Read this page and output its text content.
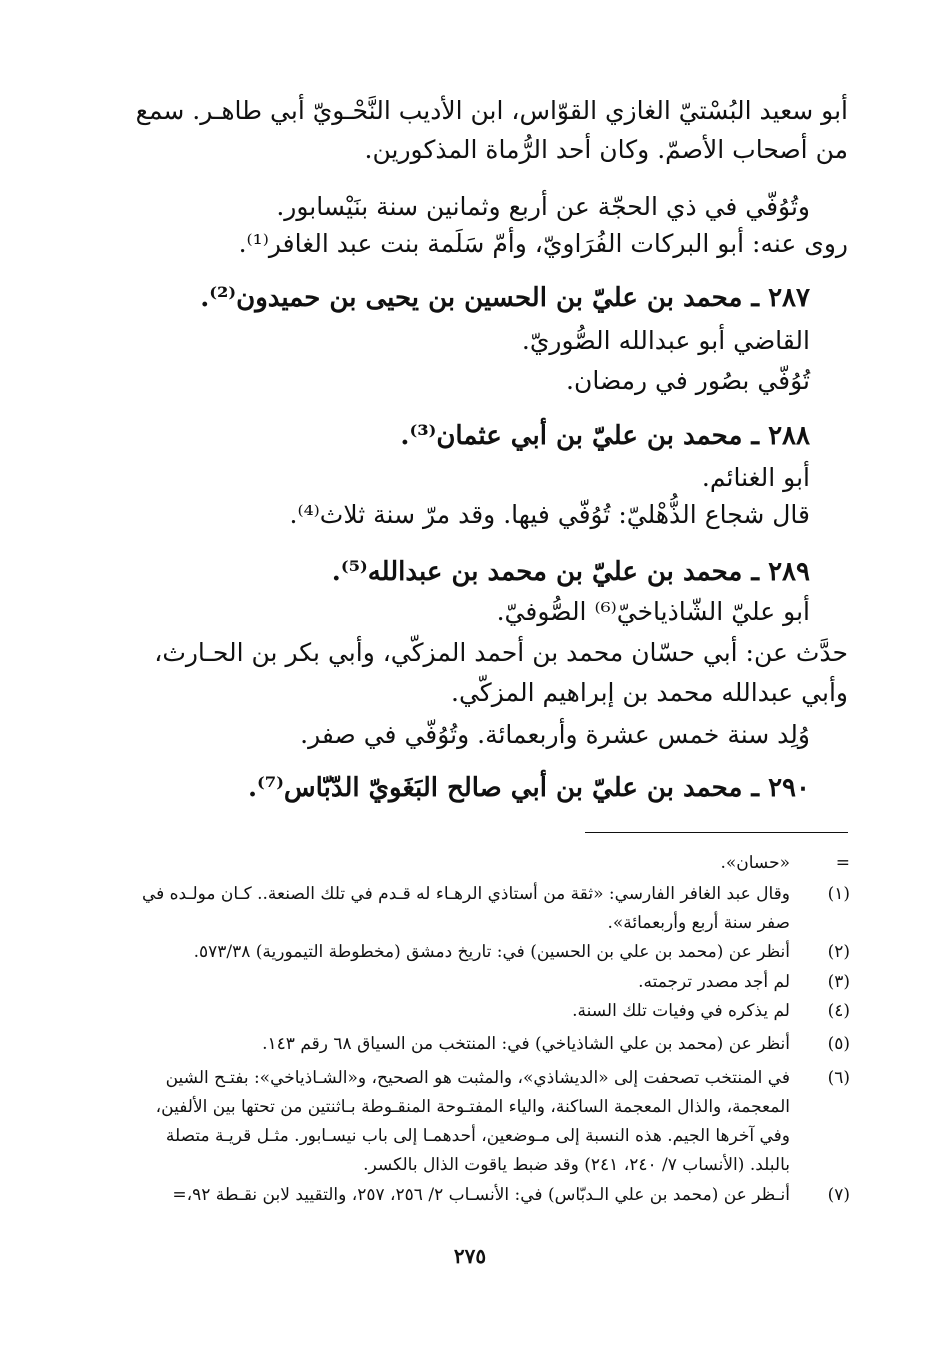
أبو سعيد البُسْتيّ الغازي القوّاس، ابن الأديب النَّحْـويّ أبي طاهـر. سمع
من أصحاب الأصمّ. وكان أحد الرُّماة المذكورين.
وتُوُفّي في ذي الحجّة عن أربع وثمانين سنة بنَيْسابور.
روى عنه: أبو البركات الفُرَاويّ، وأمّ سَلَمة بنت عبد الغافر⁽¹⁾.
٢٨٧ ـ محمد بن عليّ بن الحسين بن يحيى بن حميدون⁽²⁾.
القاضي أبو عبدالله الصُّوريّ.
تُوُفّي بصُور في رمضان.
٢٨٨ ـ محمد بن عليّ بن أبي عثمان⁽³⁾.
أبو الغنائم.
قال شجاع الذُّهْليّ: تُوُفّي فيها. وقد مرّ سنة ثلاث⁽⁴⁾.
٢٨٩ ـ محمد بن عليّ بن محمد بن عبدالله⁽⁵⁾.
أبو عليّ الشّاذياخيّ⁽⁶⁾ الصُّوفيّ.
حدَّث عن: أبي حسّان محمد بن أحمد المزكّي، وأبي بكر بن الحـارث،
وأبي عبدالله محمد بن إبراهيم المزكّي.
وُلِد سنة خمس عشرة وأربعمائة. وتُوُفّي في صفر.
٢٩٠ ـ محمد بن عليّ بن أبي صالح البَغَويّ الدّبّاس⁽⁷⁾.
=
(١)
(٢)
(٣)
(٤)
(٥)
(٦)
(٧)
«حسان».
وقال عبد الغافر الفارسي: «ثقة من أستاذي الرهـاء له قـدم في تلك الصنعة.. كـان مولـده في
صفر سنة أربع وأربعمائة».
أنظر عن (محمد بن علي بن الحسين) في: تاريخ دمشق (مخطوطة التيمورية) ٥٧٣/٣٨.
لم أجد مصدر ترجمته.
لم يذكره في وفيات تلك السنة.
أنظر عن (محمد بن علي الشاذياخي) في: المنتخب من السياق ٦٨ رقم ١٤٣.
في المنتخب تصحفت إلى «الديشاذي»، والمثبت هو الصحيح، و«الشـاذياخي»: بفتـح الشين
المعجمة، والذال المعجمة الساكنة، والياء المفتـوحة المنقـوطة بـاثنتين من تحتها بين الألفين،
وفي آخرها الجيم. هذه النسبة إلى مـوضعين، أحدهمـا إلى باب نيسـابور. مثـل قريـة متصلة
بالبلد. (الأنساب ٧/ ٢٤٠، ٢٤١) وقد ضبط ياقوت الذال بالكسر.
أنـظر عن (محمد بن علي الـدبّاس) في: الأنسـاب ٢/ ٢٥٦، ٢٥٧، والتقييد لابن نقـطة ٩٢،=
٢٧٥
